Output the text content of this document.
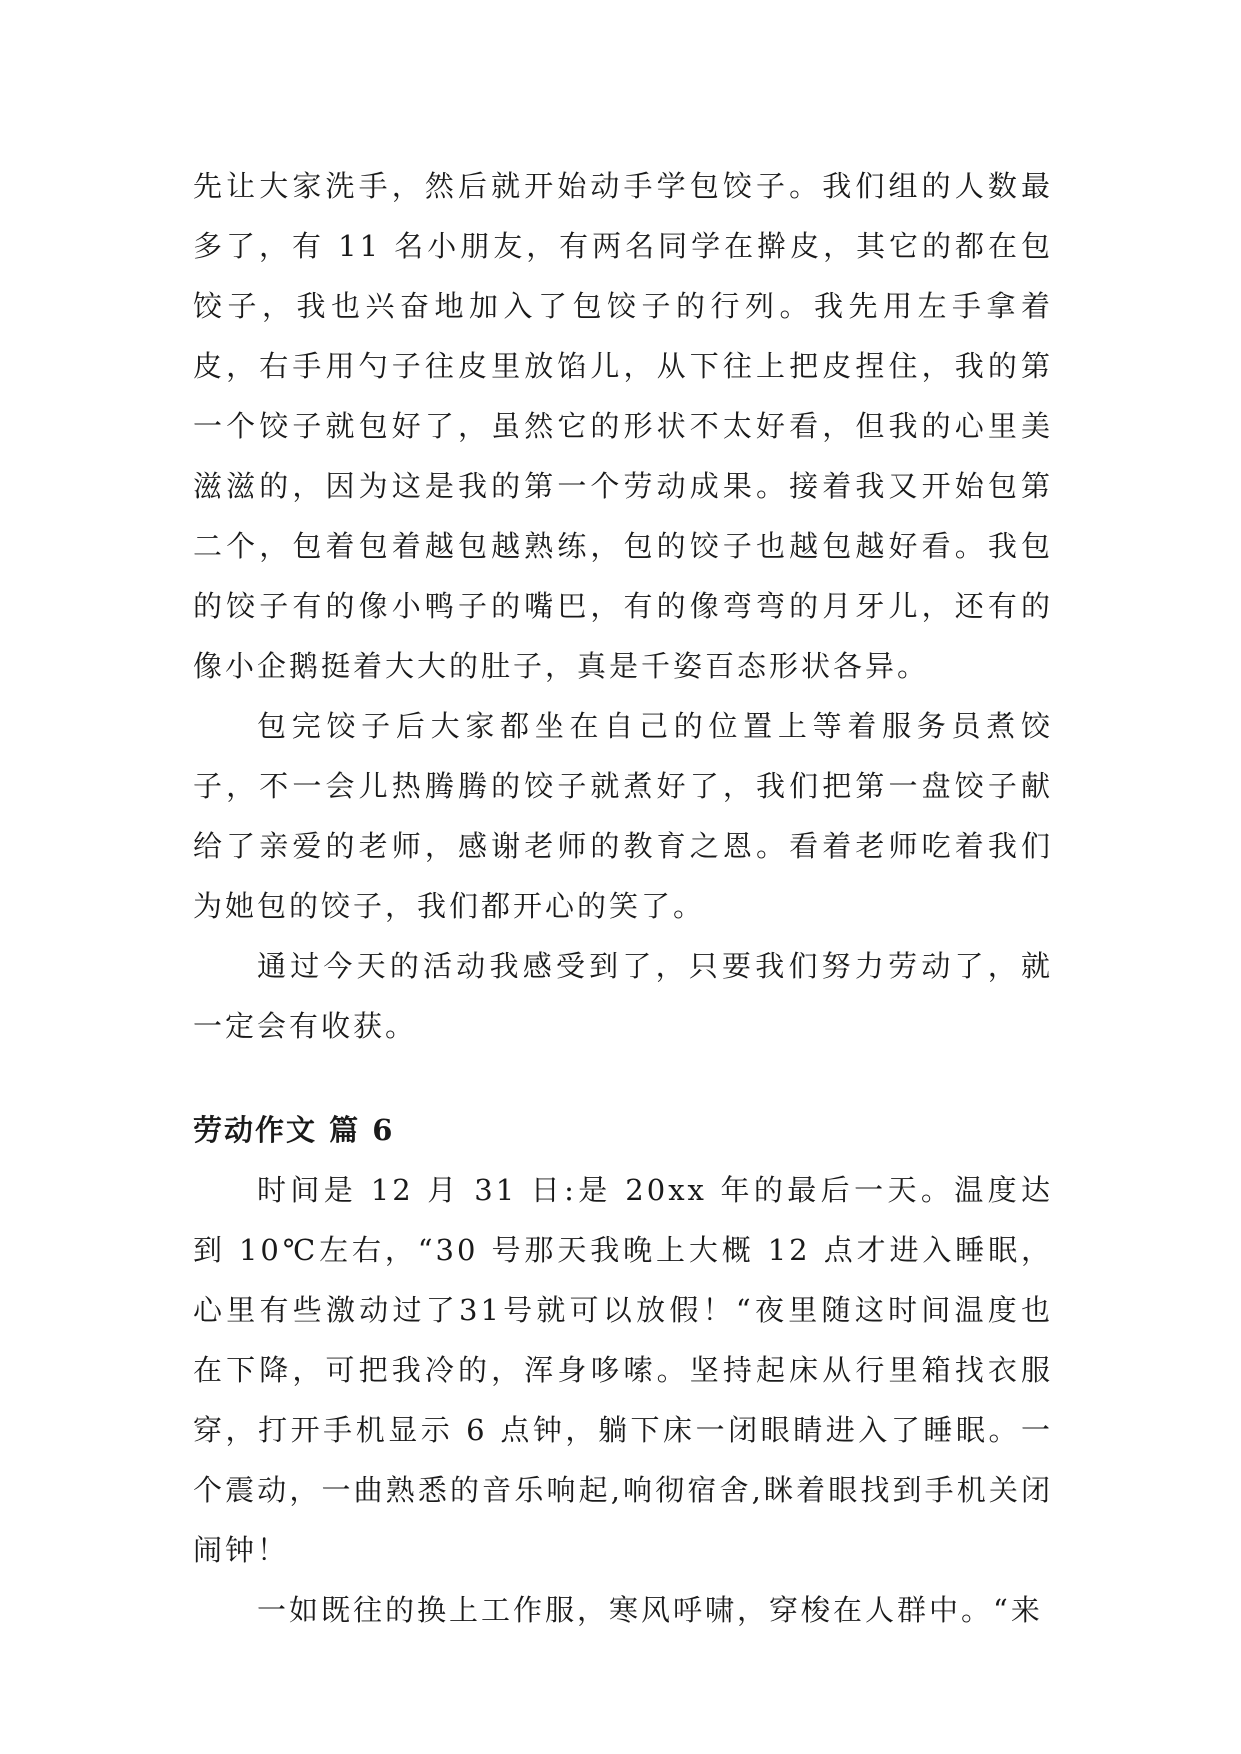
先让大家洗手，然后就开始动手学包饺子。我们组的人数最多了，有 11 名小朋友，有两名同学在擀皮，其它的都在包饺子，我也兴奋地加入了包饺子的行列。我先用左手拿着皮，右手用勺子往皮里放馅儿，从下往上把皮捏住，我的第一个饺子就包好了，虽然它的形状不太好看，但我的心里美滋滋的，因为这是我的第一个劳动成果。接着我又开始包第二个，包着包着越包越熟练，包的饺子也越包越好看。我包的饺子有的像小鸭子的嘴巴，有的像弯弯的月牙儿，还有的像小企鹅挺着大大的肚子，真是千姿百态形状各异。

包完饺子后大家都坐在自己的位置上等着服务员煮饺子，不一会儿热腾腾的饺子就煮好了，我们把第一盘饺子献给了亲爱的老师，感谢老师的教育之恩。看着老师吃着我们为她包的饺子，我们都开心的笑了。

通过今天的活动我感受到了，只要我们努力劳动了，就一定会有收获。

劳动作文 篇 6

时间是 12 月 31 日:是 20xx 年的最后一天。温度达到 10℃左右，“30 号那天我晚上大概 12 点才进入睡眠，心里有些激动过了31号就可以放假！“夜里随这时间温度也在下降，可把我冷的，浑身哆嗦。坚持起床从行里箱找衣服穿，打开手机显示 6 点钟，躺下床一闭眼睛进入了睡眠。一个震动，一曲熟悉的音乐响起,响彻宿舍,眯着眼找到手机关闭闹钟！

一如既往的换上工作服，寒风呼啸，穿梭在人群中。“来
